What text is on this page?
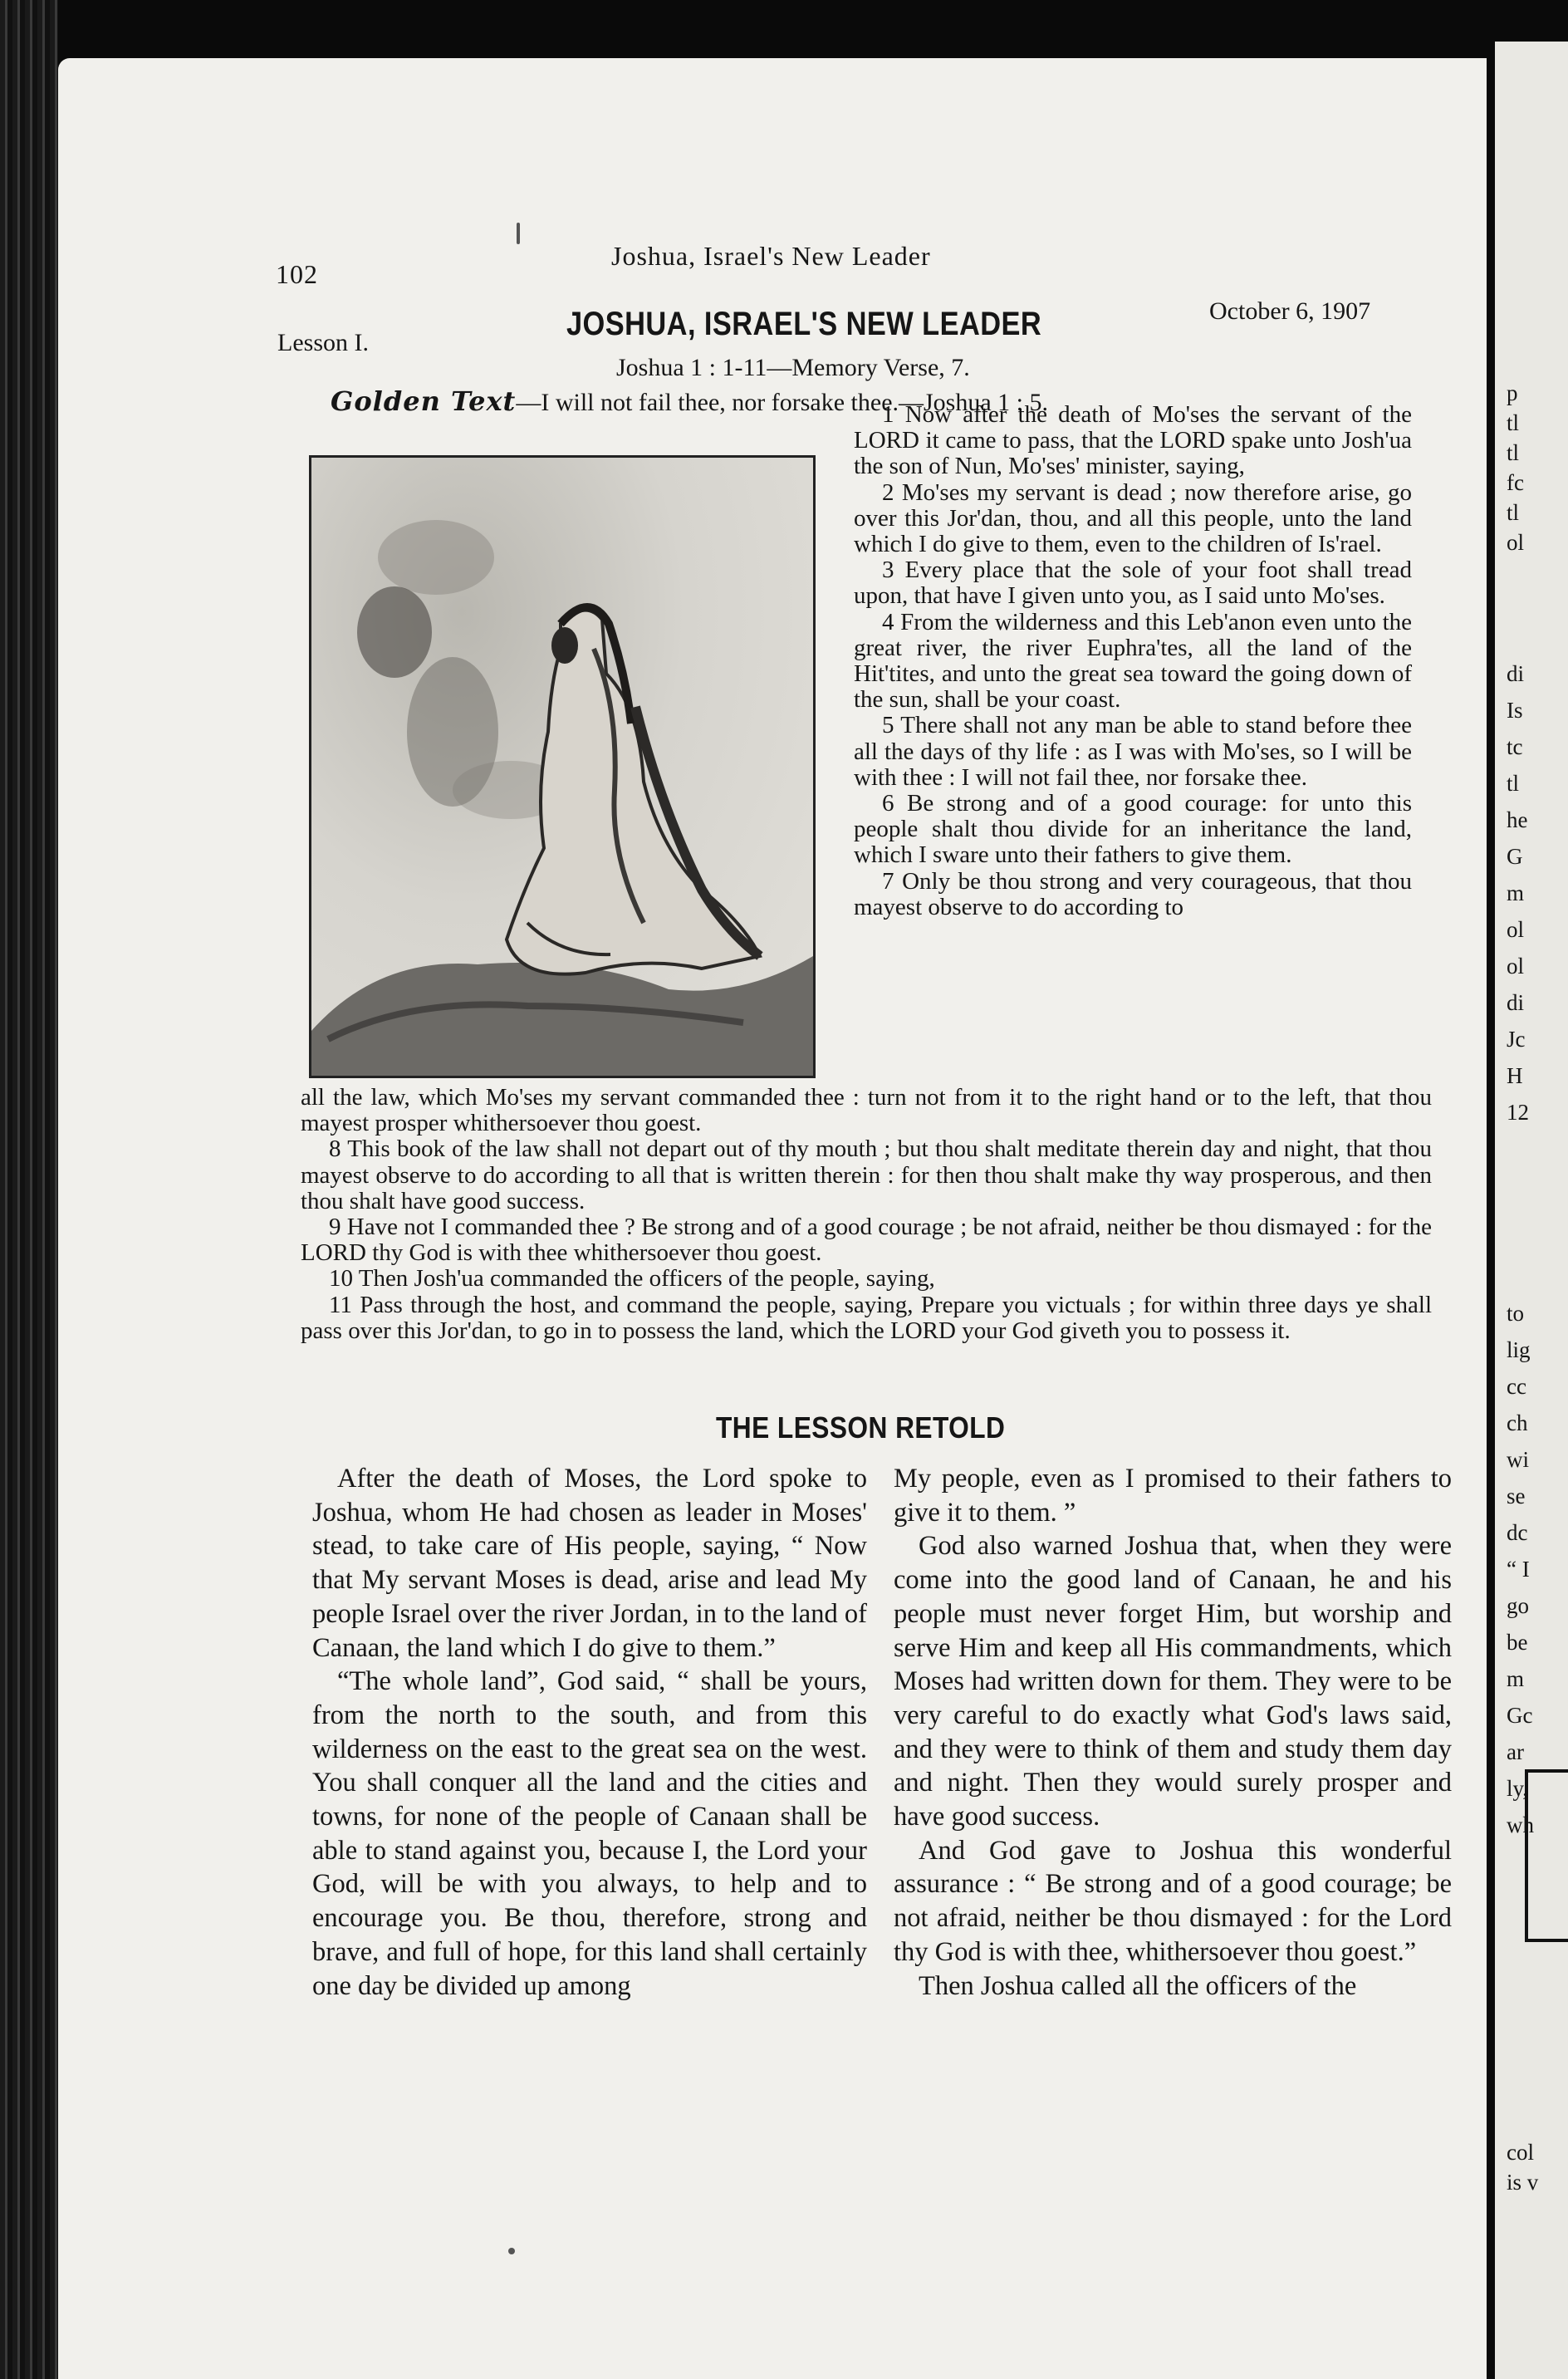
p
tl
tl
fc
tl
ol
di
Is
tc
tl
he
G
m
ol
ol
di
Jc
H
12
to
lig
cc
ch
wi
se
dc
“ I
go
be
m
Gc
ar
ly,
wh
col
is v
102
Joshua, Israel's New Leader
Lesson I.
JOSHUA, ISRAEL'S NEW LEADER	October 6, 1907
Joshua 1 : 1-11—Memory Verse, 7.
Golden Text—I will not fail thee, nor forsake thee.—Joshua 1 : 5.

1 Now after the death of Mo'ses the servant of the LORD it came to pass, that the LORD spake unto Josh'ua the son of Nun, Mo'ses' minister, saying,

2 Mo'ses my servant is dead ; now therefore arise, go over this Jor'dan, thou, and all this people, unto the land which I do give to them, even to the children of Is'rael.

3 Every place that the sole of your foot shall tread upon, that have I given unto you, as I said unto Mo'ses.

4 From the wilderness and this Leb'anon even unto the great river, the river Euphra'tes, all the land of the Hit'tites, and unto the great sea toward the going down of the sun, shall be your coast.

5 There shall not any man be able to stand before thee all the days of thy life : as I was with Mo'ses, so I will be with thee : I will not fail thee, nor forsake thee.

6 Be strong and of a good courage: for unto this people shalt thou divide for an inheritance the land, which I sware unto their fathers to give them.

7 Only be thou strong and very courageous, that thou mayest observe to do according to

all the law, which Mo'ses my servant commanded thee : turn not from it to the right hand or to the left, that thou mayest prosper whithersoever thou goest.

8 This book of the law shall not depart out of thy mouth ; but thou shalt meditate therein day and night, that thou mayest observe to do according to all that is written therein : for then thou shalt make thy way prosperous, and then thou shalt have good success.

9 Have not I commanded thee ? Be strong and of a good courage ; be not afraid, neither be thou dismayed : for the LORD thy God is with thee whithersoever thou goest.

10 Then Josh'ua commanded the officers of the people, saying,

11 Pass through the host, and command the people, saying, Prepare you victuals ; for within three days ye shall pass over this Jor'dan, to go in to possess the land, which the LORD your God giveth you to possess it.

THE LESSON RETOLD

After the death of Moses, the Lord spoke to Joshua, whom He had chosen as leader in Moses' stead, to take care of His people, saying, “ Now that My servant Moses is dead, arise and lead My people Israel over the river Jordan, in to the land of Canaan, the land which I do give to them.”

“The whole land”, God said, “ shall be yours, from the north to the south, and from this wilderness on the east to the great sea on the west. You shall conquer all the land and the cities and towns, for none of the people of Canaan shall be able to stand against you, because I, the Lord your God, will be with you always, to help and to encourage you. Be thou, therefore, strong and brave, and full of hope, for this land shall certainly one day be divided up among

My people, even as I promised to their fathers to give it to them. ”

God also warned Joshua that, when they were come into the good land of Canaan, he and his people must never forget Him, but worship and serve Him and keep all His commandments, which Moses had written down for them. They were to be very careful to do exactly what God's laws said, and they were to think of them and study them day and night. Then they would surely prosper and have good success.

And God gave to Joshua this wonderful assurance : “ Be strong and of a good courage; be not afraid, neither be thou dismayed : for the Lord thy God is with thee, whithersoever thou goest.”

Then Joshua called all the officers of the
